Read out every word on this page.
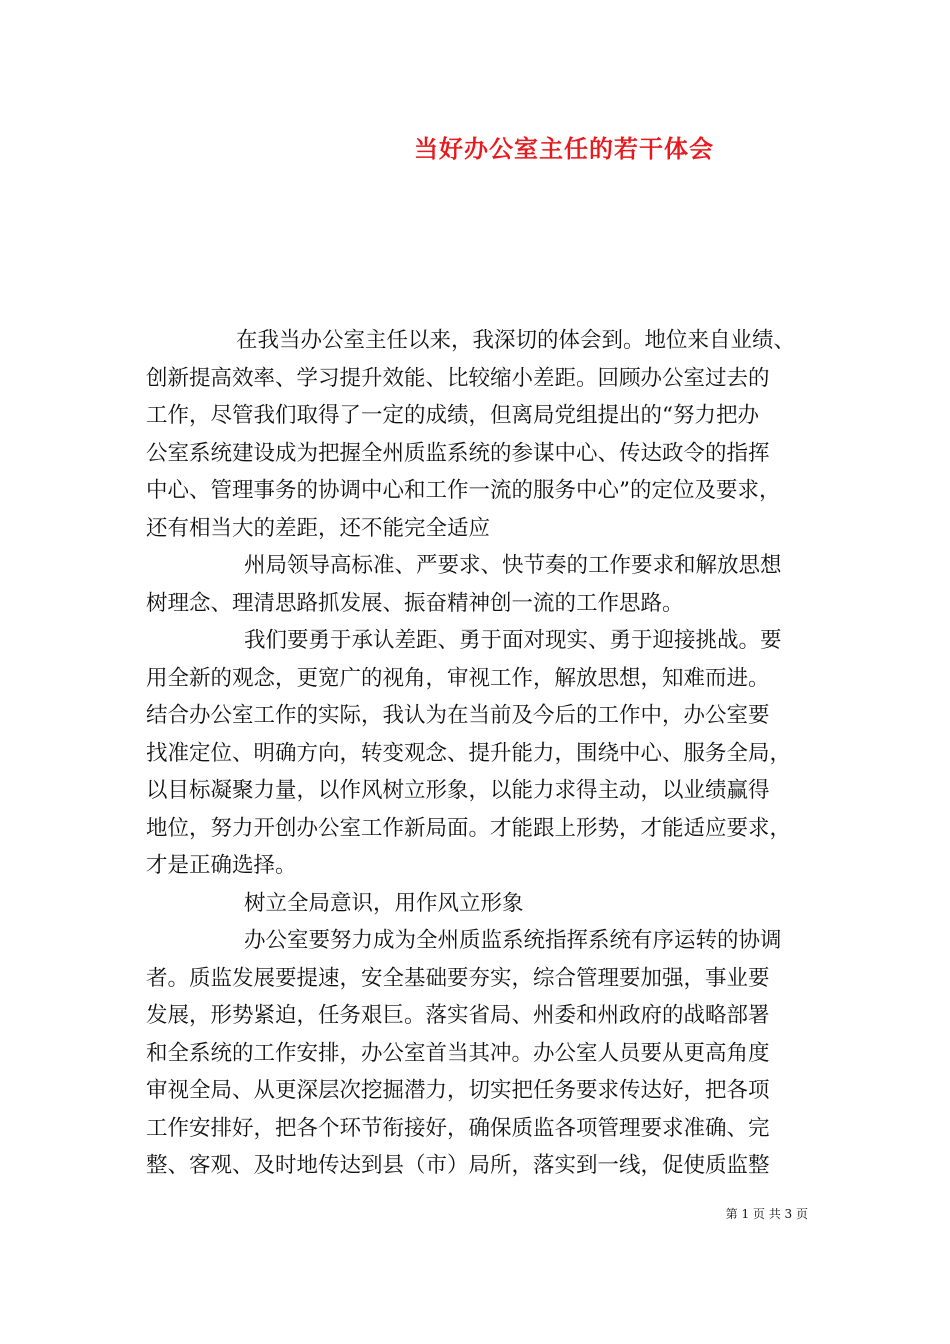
当好办公室主任的若干体会
在我当办公室主任以来，我深切的体会到。地位来自业绩、
创新提高效率、学习提升效能、比较缩小差距。回顾办公室过去的
工作，尽管我们取得了一定的成绩，但离局党组提出的“努力把办
公室系统建设成为把握全州质监系统的参谋中心、传达政令的指挥
中心、管理事务的协调中心和工作一流的服务中心”的定位及要求，
还有相当大的差距，还不能完全适应
州局领导高标准、严要求、快节奏的工作要求和解放思想
树理念、理清思路抓发展、振奋精神创一流的工作思路。
我们要勇于承认差距、勇于面对现实、勇于迎接挑战。要
用全新的观念，更宽广的视角，审视工作，解放思想，知难而进。
结合办公室工作的实际，我认为在当前及今后的工作中，办公室要
找准定位、明确方向，转变观念、提升能力，围绕中心、服务全局，
以目标凝聚力量，以作风树立形象，以能力求得主动，以业绩赢得
地位，努力开创办公室工作新局面。才能跟上形势，才能适应要求，
才是正确选择。
树立全局意识，用作风立形象
办公室要努力成为全州质监系统指挥系统有序运转的协调
者。质监发展要提速，安全基础要夯实，综合管理要加强，事业要
发展，形势紧迫，任务艰巨。落实省局、州委和州政府的战略部署
和全系统的工作安排，办公室首当其冲。办公室人员要从更高角度
审视全局、从更深层次挖掘潜力，切实把任务要求传达好，把各项
工作安排好，把各个环节衔接好，确保质监各项管理要求准确、完
整、客观、及时地传达到县（市）局所，落实到一线，促使质监整
第 1 页 共 3 页
